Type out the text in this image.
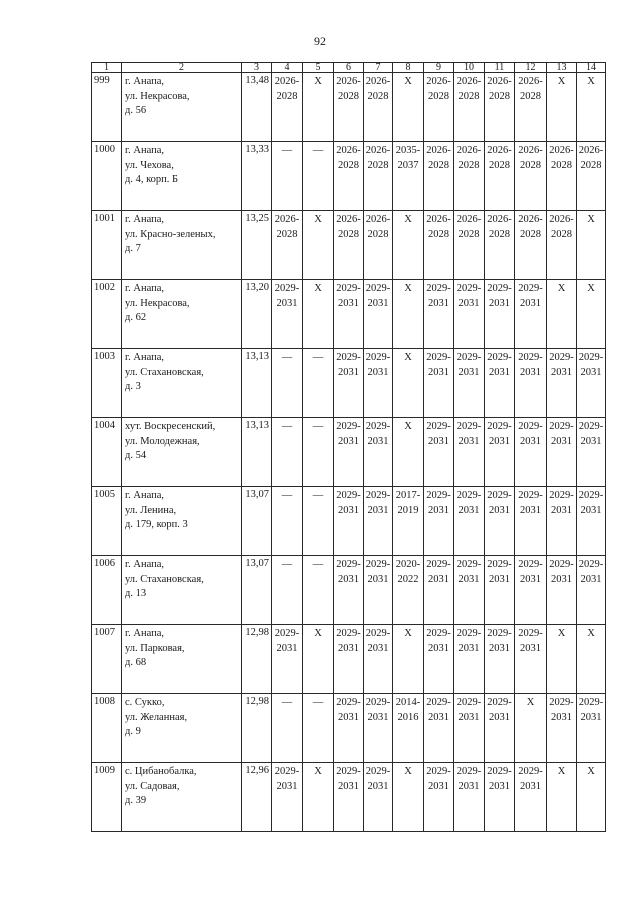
92
1	2	3	4	5	6	7	8	9	10	11	12	13	14
999	г. Анапа,
ул. Некрасова,
д. 56	13,48	2026-
2028	Х	2026-
2028	2026-
2028	Х	2026-
2028	2026-
2028	2026-
2028	2026-
2028	Х	Х

1000	г. Анапа,
ул. Чехова,
д. 4, корп. Б	13,33	—	—	2026-
2028	2026-
2028	2035-
2037	2026-
2028	2026-
2028	2026-
2028	2026-
2028	2026-
2028	2026-
2028

1001	г. Анапа,
ул. Красно-зеленых,
д. 7	13,25	2026-
2028	Х	2026-
2028	2026-
2028	Х	2026-
2028	2026-
2028	2026-
2028	2026-
2028	2026-
2028	Х

1002	г. Анапа,
ул. Некрасова,
д. 62	13,20	2029-
2031	Х	2029-
2031	2029-
2031	Х	2029-
2031	2029-
2031	2029-
2031	2029-
2031	Х	Х

1003	г. Анапа,
ул. Стахановская,
д. 3	13,13	—	—	2029-
2031	2029-
2031	Х	2029-
2031	2029-
2031	2029-
2031	2029-
2031	2029-
2031	2029-
2031

1004	хут. Воскресенский,
ул. Молодежная,
д. 54	13,13	—	—	2029-
2031	2029-
2031	Х	2029-
2031	2029-
2031	2029-
2031	2029-
2031	2029-
2031	2029-
2031

1005	г. Анапа,
ул. Ленина,
д. 179, корп. 3	13,07	—	—	2029-
2031	2029-
2031	2017-
2019	2029-
2031	2029-
2031	2029-
2031	2029-
2031	2029-
2031	2029-
2031

1006	г. Анапа,
ул. Стахановская,
д. 13	13,07	—	—	2029-
2031	2029-
2031	2020-
2022	2029-
2031	2029-
2031	2029-
2031	2029-
2031	2029-
2031	2029-
2031

1007	г. Анапа,
ул. Парковая,
д. 68	12,98	2029-
2031	Х	2029-
2031	2029-
2031	Х	2029-
2031	2029-
2031	2029-
2031	2029-
2031	Х	Х

1008	с. Сукко,
ул. Желанная,
д. 9	12,98	—	—	2029-
2031	2029-
2031	2014-
2016	2029-
2031	2029-
2031	2029-
2031	Х	2029-
2031	2029-
2031

1009	с. Цибанобалка,
ул. Садовая,
д. 39	12,96	2029-
2031	Х	2029-
2031	2029-
2031	Х	2029-
2031	2029-
2031	2029-
2031	2029-
2031	Х	Х
